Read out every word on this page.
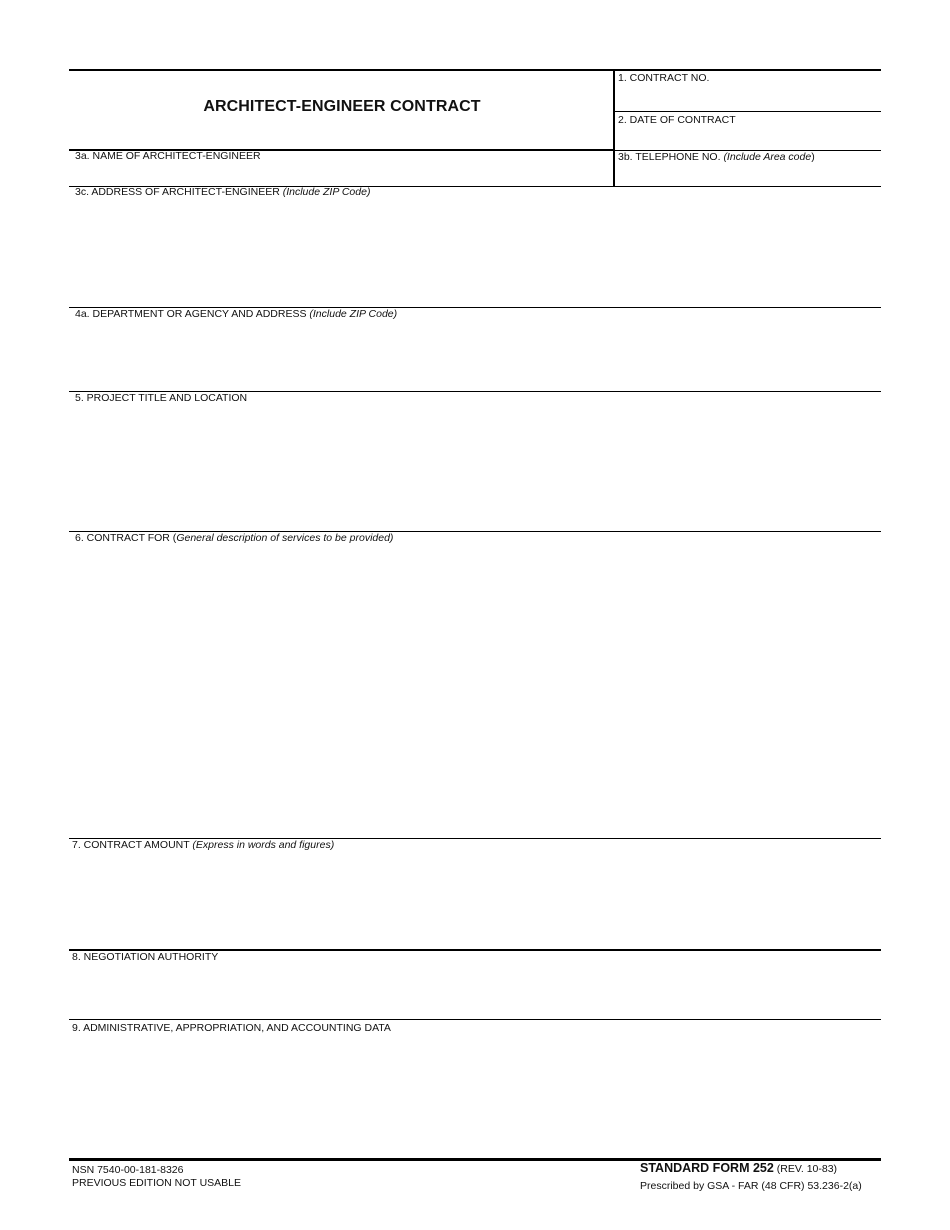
ARCHITECT-ENGINEER CONTRACT
1. CONTRACT NO.
2. DATE OF CONTRACT
3a. NAME OF ARCHITECT-ENGINEER	3b. TELEPHONE NO. (Include Area code)
3c. ADDRESS OF ARCHITECT-ENGINEER (Include ZIP Code)
4a. DEPARTMENT OR AGENCY AND ADDRESS (Include ZIP Code)
5. PROJECT TITLE AND LOCATION
6. CONTRACT FOR (General description of services to be provided)
7. CONTRACT AMOUNT (Express in words and figures)
8. NEGOTIATION AUTHORITY
9. ADMINISTRATIVE, APPROPRIATION, AND ACCOUNTING DATA
NSN 7540-00-181-8326
PREVIOUS EDITION NOT USABLE
STANDARD FORM 252 (REV. 10-83)
Prescribed by GSA - FAR (48 CFR) 53.236-2(a)
